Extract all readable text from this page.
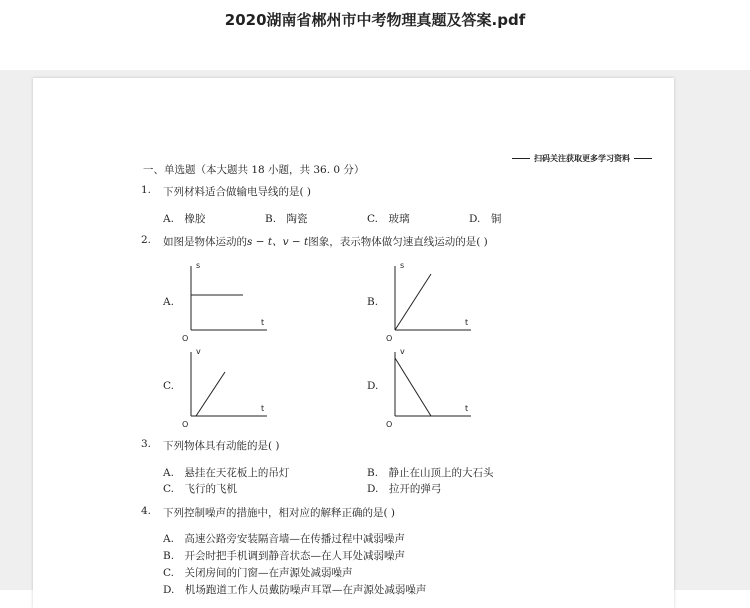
2020湖南省郴州市中考物理真题及答案.pdf
扫码关注获取更多学习资料
一、单选题（本大题共 18 小题，共 36. 0 分）
1. 下列材料适合做输电导线的是( )
A.　橡胶	B.　陶瓷	C.　玻璃	D.　铜
2. 如图是物体运动的s − t、v − t图象，表示物体做匀速直线运动的是( )
A.	B.
C.	D.
s
t
O
s
t
O
v
t
O
v
t
O
3. 下列物体具有动能的是( )
A.　悬挂在天花板上的吊灯	B.　静止在山顶上的大石头
C.　飞行的飞机	D.　拉开的弹弓
4. 下列控制噪声的措施中，相对应的解释正确的是( )
A.　高速公路旁安装隔音墙—在传播过程中减弱噪声
B.　开会时把手机调到静音状态—在人耳处减弱噪声
C.　关闭房间的门窗—在声源处减弱噪声
D.　机场跑道工作人员戴防噪声耳罩—在声源处减弱噪声
